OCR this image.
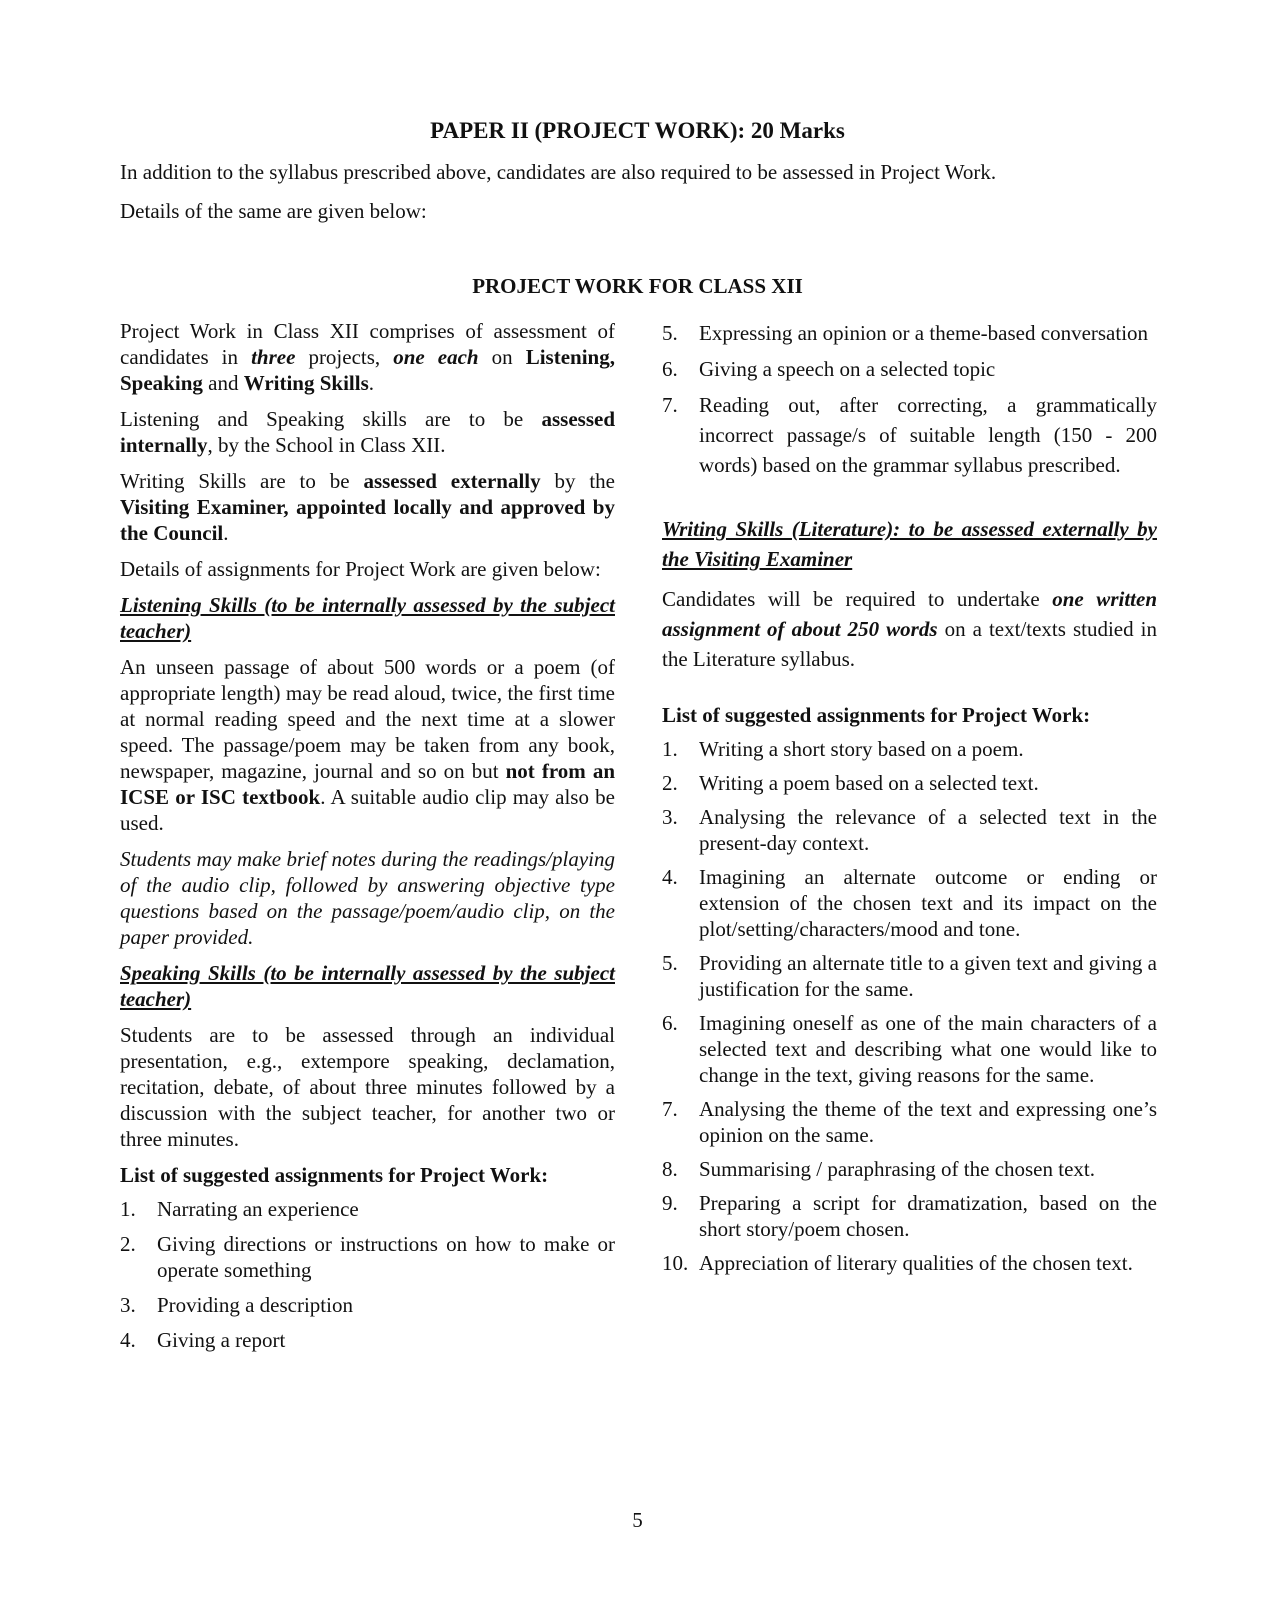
PAPER II (PROJECT WORK): 20 Marks
In addition to the syllabus prescribed above, candidates are also required to be assessed in Project Work.
Details of the same are given below:
PROJECT WORK FOR CLASS XII

Project Work in Class XII comprises of assessment of candidates in three projects, one each on Listening, Speaking and Writing Skills.

Listening and Speaking skills are to be assessed internally, by the School in Class XII.

Writing Skills are to be assessed externally by the Visiting Examiner, appointed locally and approved by the Council.

Details of assignments for Project Work are given below:

Listening Skills (to be internally assessed by the subject teacher)

An unseen passage of about 500 words or a poem (of appropriate length) may be read aloud, twice, the first time at normal reading speed and the next time at a slower speed. The passage/poem may be taken from any book, newspaper, magazine, journal and so on but not from an ICSE or ISC textbook. A suitable audio clip may also be used.

Students may make brief notes during the readings/playing of the audio clip, followed by answering objective type questions based on the passage/poem/audio clip, on the paper provided.

Speaking Skills (to be internally assessed by the subject teacher)

Students are to be assessed through an individual presentation, e.g., extempore speaking, declamation, recitation, debate, of about three minutes followed by a discussion with the subject teacher, for another two or three minutes.

List of suggested assignments for Project Work:
1.	Narrating an experience
2.	Giving directions or instructions on how to make or operate something
3.	Providing a description
4.	Giving a report
5.	Expressing an opinion or a theme-based conversation
6.	Giving a speech on a selected topic
7.	Reading out, after correcting, a grammatically incorrect passage/s of suitable length (150 - 200 words) based on the grammar syllabus prescribed.
Writing Skills (Literature): to be assessed externally by the Visiting Examiner

Candidates will be required to undertake one written assignment of about 250 words on a text/texts studied in the Literature syllabus.

List of suggested assignments for Project Work:
1.	Writing a short story based on a poem.
2.	Writing a poem based on a selected text.
3.	Analysing the relevance of a selected text in the present-day context.
4.	Imagining an alternate outcome or ending or extension of the chosen text and its impact on the plot/setting/characters/mood and tone.
5.	Providing an alternate title to a given text and giving a justification for the same.
6.	Imagining oneself as one of the main characters of a selected text and describing what one would like to change in the text, giving reasons for the same.
7.	Analysing the theme of the text and expressing one’s opinion on the same.
8.	Summarising / paraphrasing of the chosen text.
9.	Preparing a script for dramatization, based on the short story/poem chosen.
10. Appreciation of literary qualities of the chosen text.
5
